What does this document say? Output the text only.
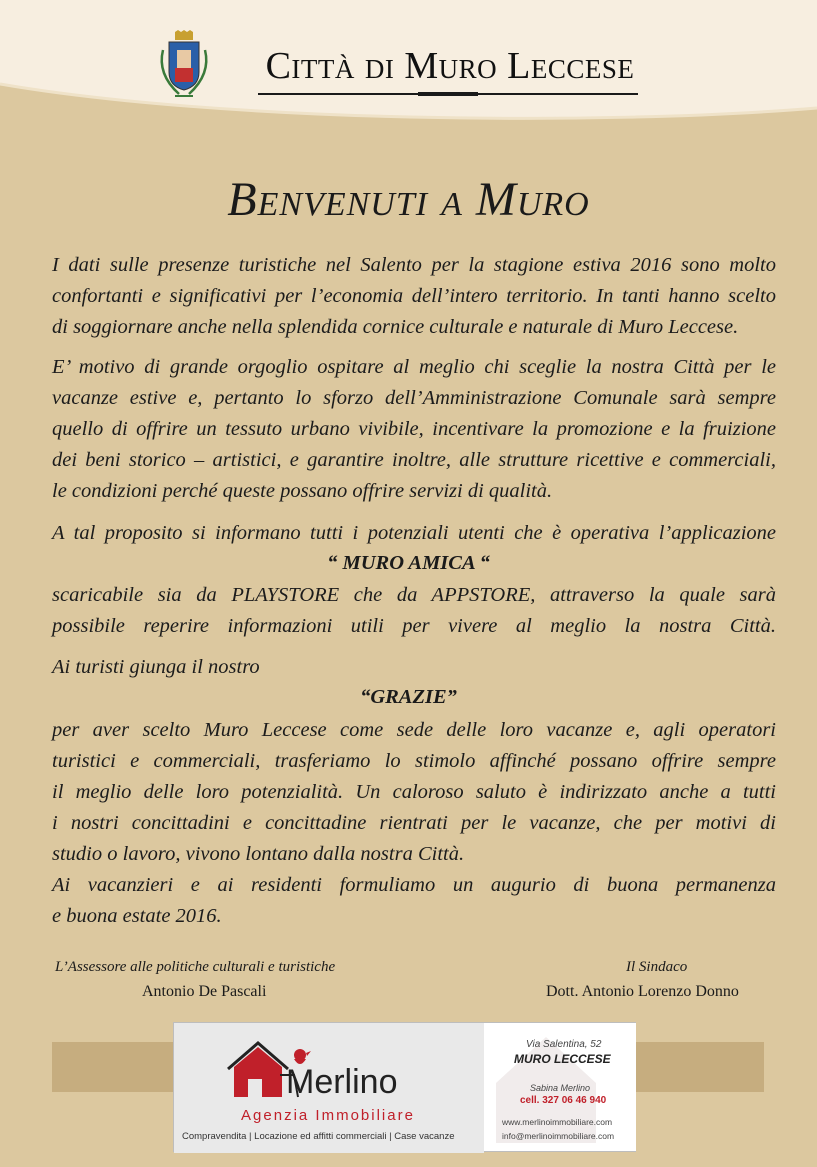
Città di Muro Leccese
Benvenuti a Muro
I dati sulle presenze turistiche nel Salento per la stagione estiva 2016 sono molto
confortanti e significativi per l’economia dell’intero territorio. In tanti hanno scelto
di soggiornare anche nella splendida cornice culturale e naturale di Muro Leccese.
E’ motivo di grande orgoglio ospitare al meglio chi sceglie la nostra Città per le
vacanze estive e, pertanto lo sforzo dell’Amministrazione Comunale sarà sempre
quello di offrire un tessuto urbano vivibile, incentivare la promozione e la fruizione
dei beni storico – artistici, e garantire inoltre, alle strutture ricettive e commerciali,
le condizioni perché queste possano offrire servizi di qualità.
A tal proposito si informano tutti i potenziali utenti che è operativa l’applicazione
“ MURO AMICA “
scaricabile sia da PLAYSTORE che da APPSTORE, attraverso la quale sarà
possibile reperire informazioni utili per vivere al meglio la nostra Città.
Ai turisti giunga il nostro
“GRAZIE”
per aver scelto Muro Leccese come sede delle loro vacanze e, agli operatori
turistici e commerciali, trasferiamo lo stimolo affinché possano offrire sempre
il meglio delle loro potenzialità. Un caloroso saluto è indirizzato anche a tutti
i nostri concittadini e concittadine rientrati per le vacanze, che per motivi di
studio o lavoro, vivono lontano dalla nostra Città.
Ai vacanzieri e ai residenti formuliamo un augurio di buona permanenza
e buona estate 2016.
L’Assessore alle politiche culturali e turistiche
Antonio De Pascali
Il Sindaco
Dott. Antonio Lorenzo Donno
Merlino
Agenzia Immobiliare
Compravendita | Locazione ed affitti commerciali | Case vacanze
Via Salentina, 52
MURO LECCESE
Sabina Merlino
cell. 327 06 46 940
www.merlinoimmobiliare.com
info@merlinoimmobiliare.com
